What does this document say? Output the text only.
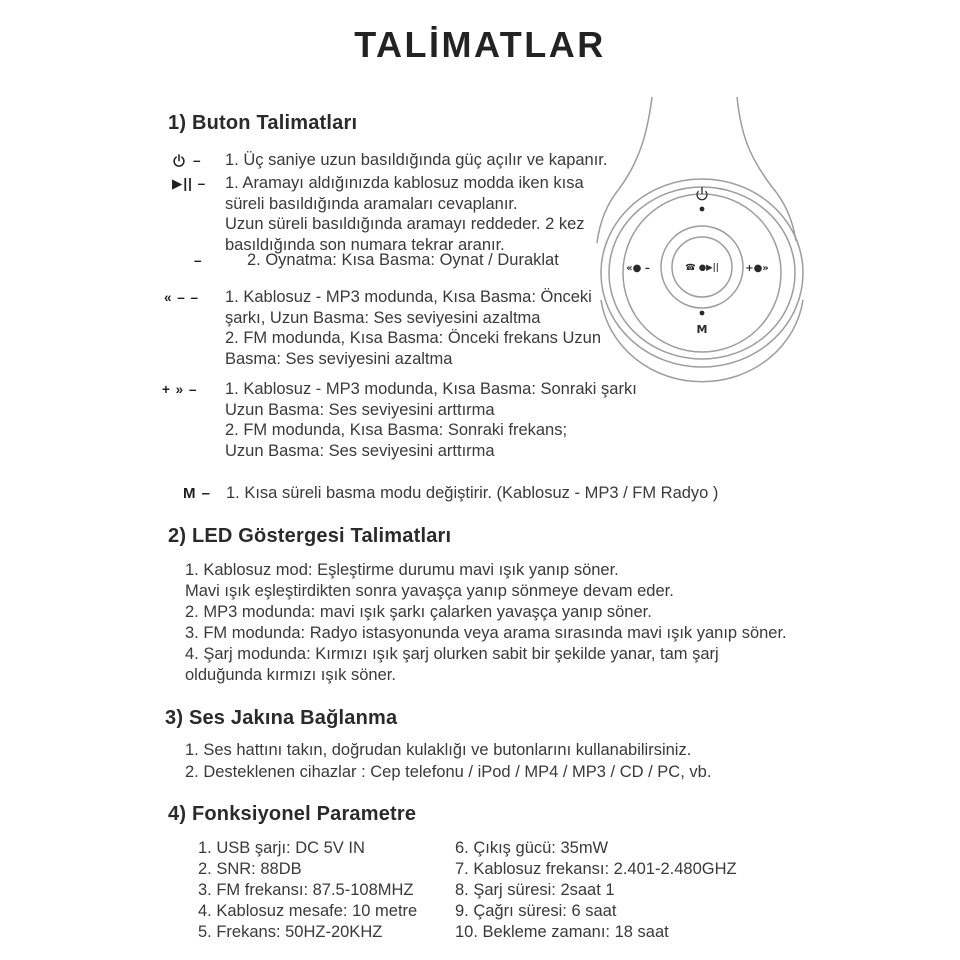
TALİMATLAR
1) Buton Talimatları
– 1. Üç saniye uzun basıldığında güç açılır ve kapanır.
▶|| –	1. Aramayı aldığınızda kablosuz modda iken kısa
süreli basıldığında aramaları cevaplanır.
Uzun süreli basıldığında aramayı reddeder. 2 kez
basıldığında son numara tekrar aranır.
–	2. Oynatma: Kısa Basma: Oynat / Duraklat
« – –	1. Kablosuz - MP3 modunda, Kısa Basma: Önceki
şarkı, Uzun Basma: Ses seviyesini azaltma
2. FM modunda, Kısa Basma: Önceki frekans Uzun
Basma: Ses seviyesini azaltma
+ » –	1. Kablosuz - MP3 modunda, Kısa Basma: Sonraki şarkı
Uzun Basma: Ses seviyesini arttırma
2. FM modunda, Kısa Basma: Sonraki frekans;
Uzun Basma: Ses seviyesini arttırma
M – 1. Kısa süreli basma modu değiştirir. (Kablosuz - MP3 / FM Radyo )
«● –	☎ ●▶||	+●»
M
2) LED Göstergesi Talimatları
1. Kablosuz mod: Eşleştirme durumu mavi ışık yanıp söner.
Mavi ışık eşleştirdikten sonra yavaşça yanıp sönmeye devam eder.
2. MP3 modunda: mavi ışık şarkı çalarken yavaşça yanıp söner.
3. FM modunda: Radyo istasyonunda veya arama sırasında mavi ışık yanıp söner.
4. Şarj modunda: Kırmızı ışık şarj olurken sabit bir şekilde yanar, tam şarj
olduğunda kırmızı ışık söner.
3) Ses Jakına Bağlanma
1. Ses hattını takın, doğrudan kulaklığı ve butonlarını kullanabilirsiniz.
2. Desteklenen cihazlar : Cep telefonu / iPod / MP4 / MP3 / CD / PC, vb.
4) Fonksiyonel Parametre
1. USB şarjı: DC 5V IN
2. SNR: 88DB
3. FM frekansı: 87.5-108MHZ
4. Kablosuz mesafe: 10 metre
5. Frekans: 50HZ-20KHZ
6. Çıkış gücü: 35mW
7. Kablosuz frekansı: 2.401-2.480GHZ
8. Şarj süresi: 2saat 1
9. Çağrı süresi: 6 saat
10. Bekleme zamanı: 18 saat
